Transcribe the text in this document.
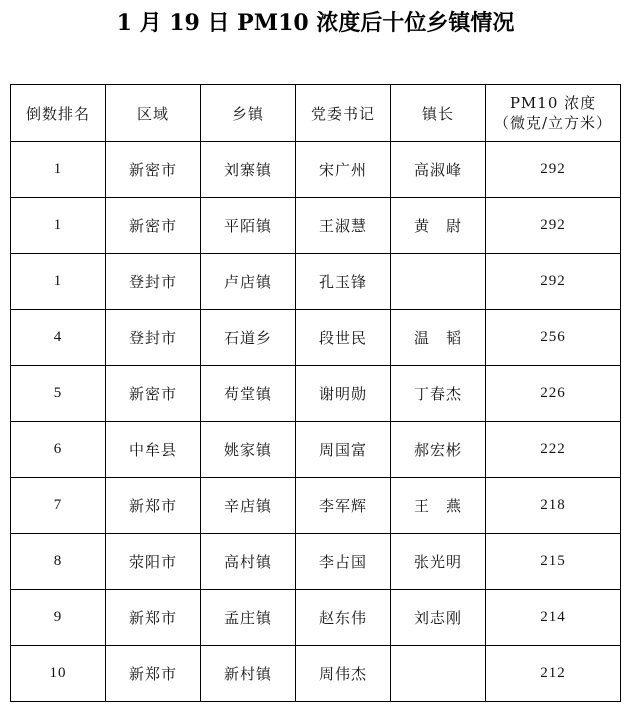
1 月 19 日 PM10 浓度后十位乡镇情况
倒数排名	区域	乡镇	党委书记	镇长	PM10 浓度
（微克/立方米）

1	新密市	刘寨镇	宋广州	高淑峰	292
1	新密市	平陌镇	王淑慧	黄　尉	292
1	登封市	卢店镇	孔玉锋		292
4	登封市	石道乡	段世民	温　韬	256
5	新密市	苟堂镇	谢明勋	丁春杰	226
6	中牟县	姚家镇	周国富	郝宏彬	222
7	新郑市	辛店镇	李军辉	王　燕	218
8	荥阳市	高村镇	李占国	张光明	215
9	新郑市	孟庄镇	赵东伟	刘志刚	214
10	新郑市	新村镇	周伟杰		212
